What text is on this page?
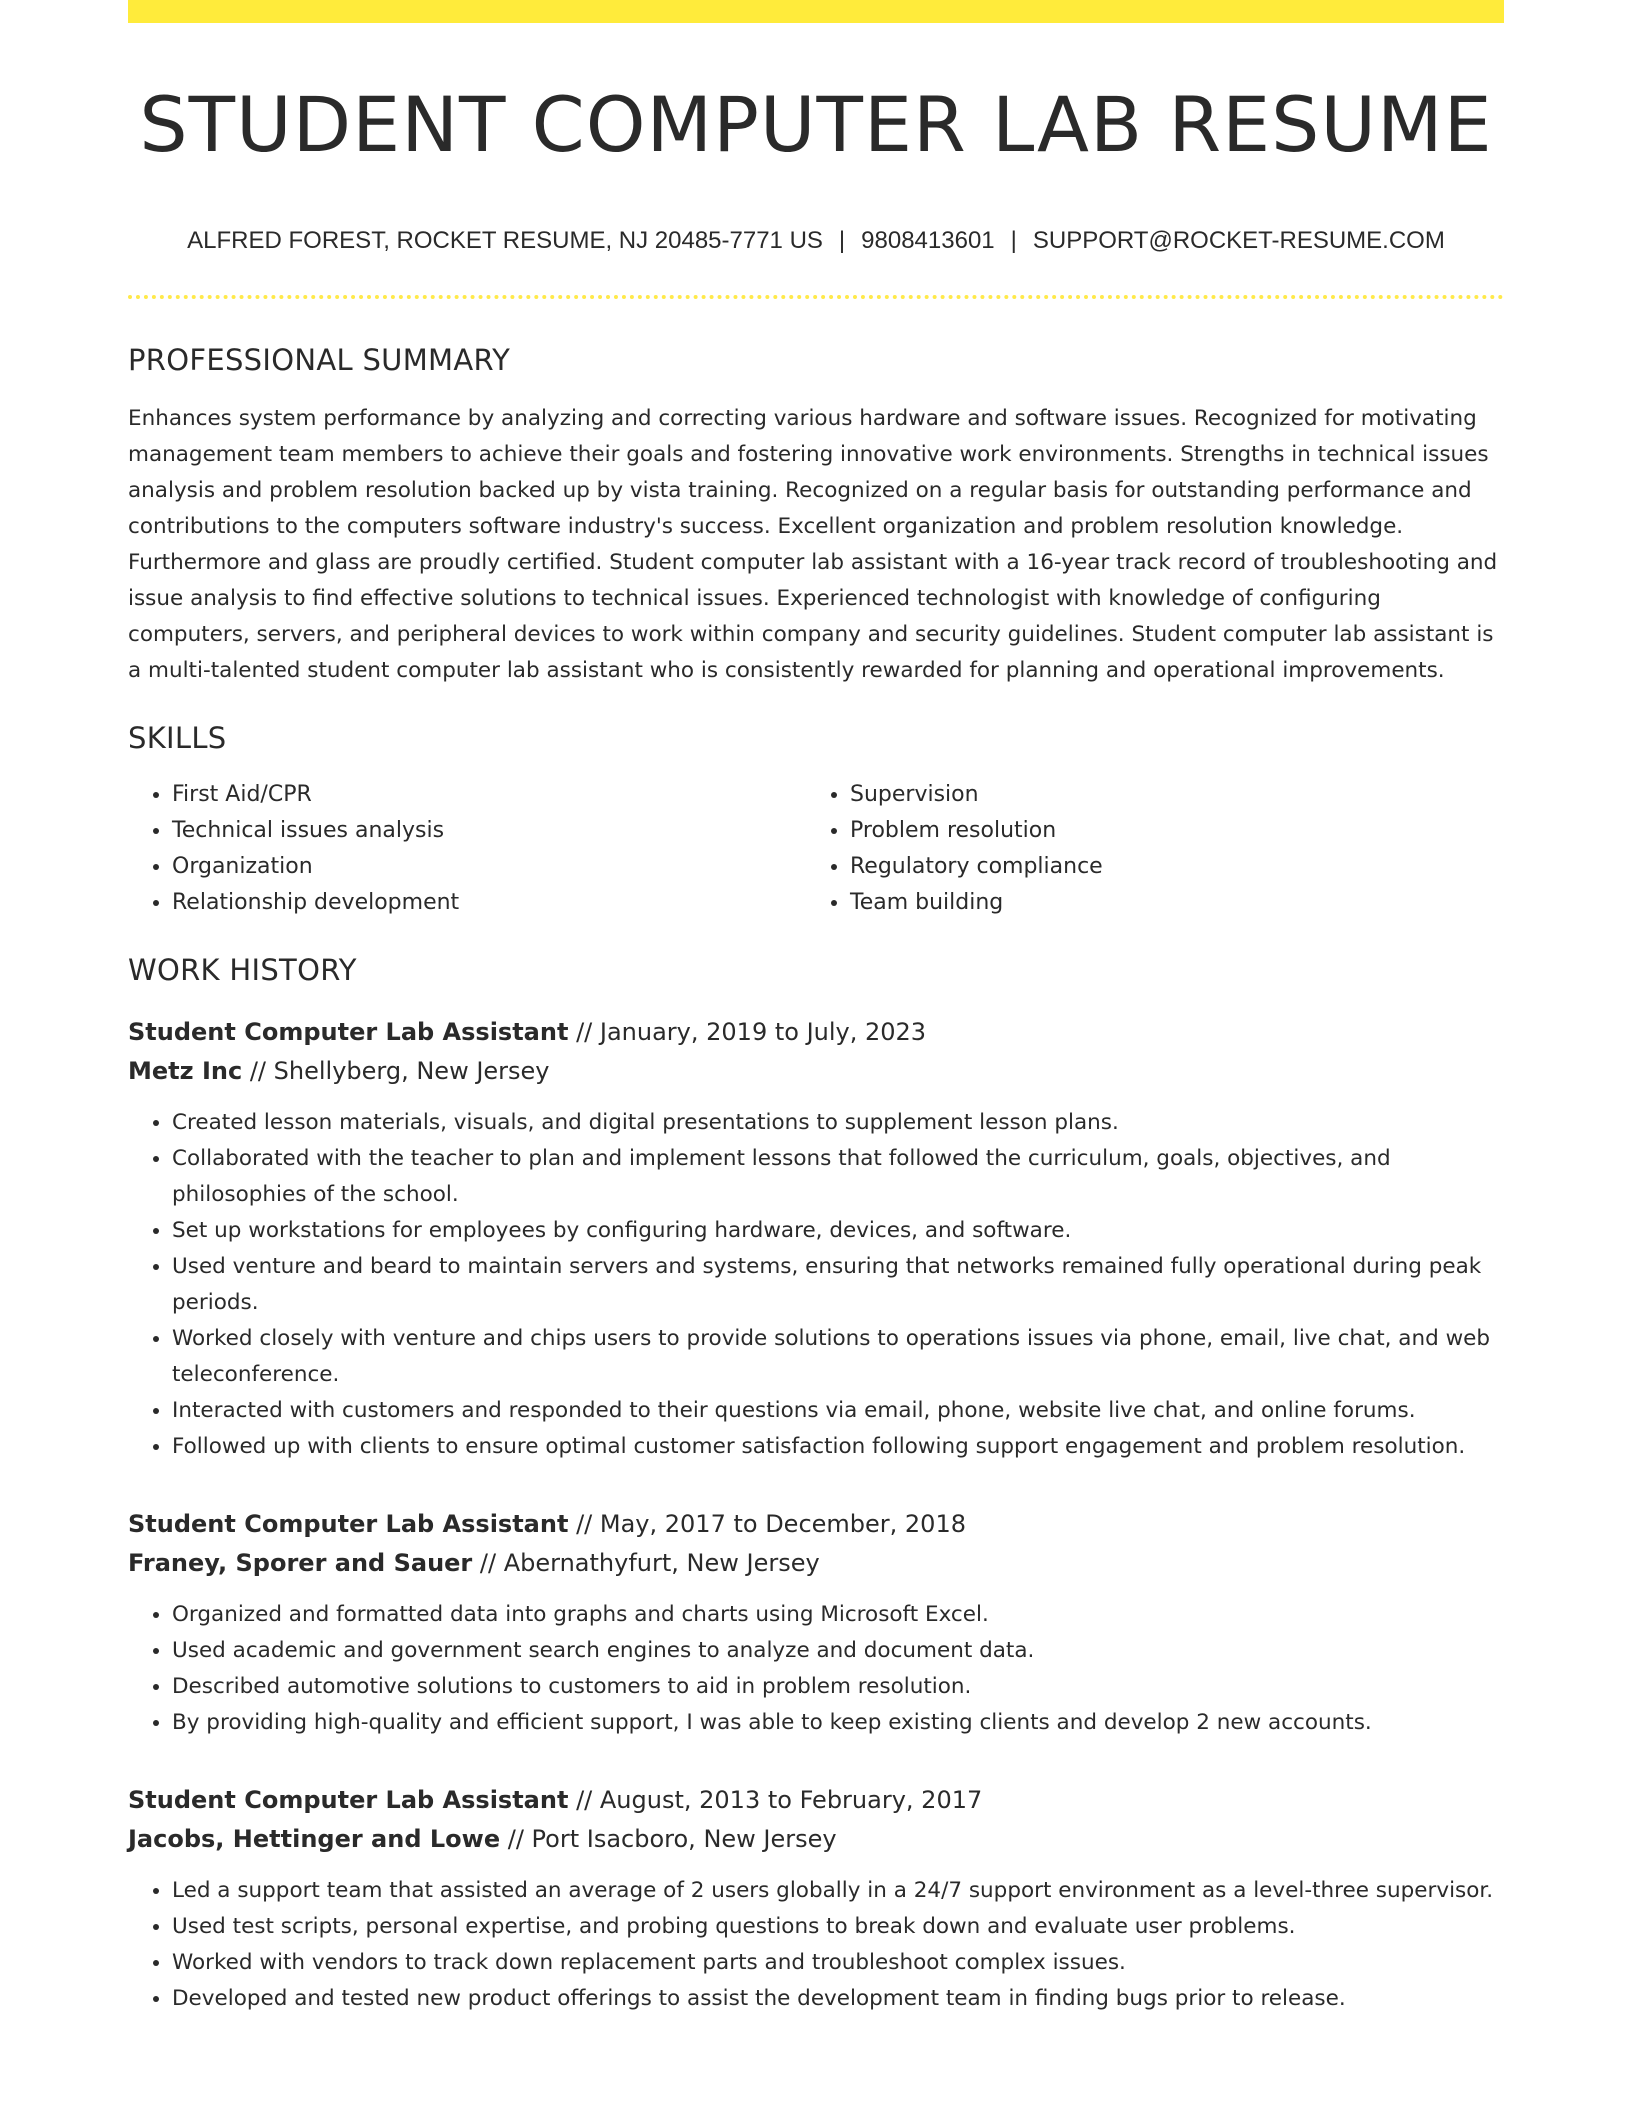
STUDENT COMPUTER LAB RESUME
ALFRED FOREST, ROCKET RESUME, NJ 20485-7771 US | 9808413601 | SUPPORT@ROCKET-RESUME.COM
PROFESSIONAL SUMMARY

Enhances system performance by analyzing and correcting various hardware and software issues. Recognized for motivating management team members to achieve their goals and fostering innovative work environments. Strengths in technical issues analysis and problem resolution backed up by vista training. Recognized on a regular basis for outstanding performance and contributions to the computers software industry's success. Excellent organization and problem resolution knowledge. Furthermore and glass are proudly certified. Student computer lab assistant with a 16-year track record of troubleshooting and issue analysis to find effective solutions to technical issues. Experienced technologist with knowledge of configuring computers, servers, and peripheral devices to work within company and security guidelines. Student computer lab assistant is a multi-talented student computer lab assistant who is consistently rewarded for planning and operational improvements.

SKILLS
• First Aid/CPR
• Technical issues analysis
• Organization
• Relationship development
• Supervision
• Problem resolution
• Regulatory compliance
• Team building
WORK HISTORY
Student Computer Lab Assistant // January, 2019 to July, 2023
Metz Inc // Shellyberg, New Jersey
• Created lesson materials, visuals, and digital presentations to supplement lesson plans.
• Collaborated with the teacher to plan and implement lessons that followed the curriculum, goals, objectives, and philosophies of the school.
• Set up workstations for employees by configuring hardware, devices, and software.
• Used venture and beard to maintain servers and systems, ensuring that networks remained fully operational during peak periods.
• Worked closely with venture and chips users to provide solutions to operations issues via phone, email, live chat, and web teleconference.
• Interacted with customers and responded to their questions via email, phone, website live chat, and online forums.
• Followed up with clients to ensure optimal customer satisfaction following support engagement and problem resolution.
Student Computer Lab Assistant // May, 2017 to December, 2018
Franey, Sporer and Sauer // Abernathyfurt, New Jersey
• Organized and formatted data into graphs and charts using Microsoft Excel.
• Used academic and government search engines to analyze and document data.
• Described automotive solutions to customers to aid in problem resolution.
• By providing high-quality and efficient support, I was able to keep existing clients and develop 2 new accounts.
Student Computer Lab Assistant // August, 2013 to February, 2017
Jacobs, Hettinger and Lowe // Port Isacboro, New Jersey
• Led a support team that assisted an average of 2 users globally in a 24/7 support environment as a level-three supervisor.
• Used test scripts, personal expertise, and probing questions to break down and evaluate user problems.
• Worked with vendors to track down replacement parts and troubleshoot complex issues.
• Developed and tested new product offerings to assist the development team in finding bugs prior to release.
